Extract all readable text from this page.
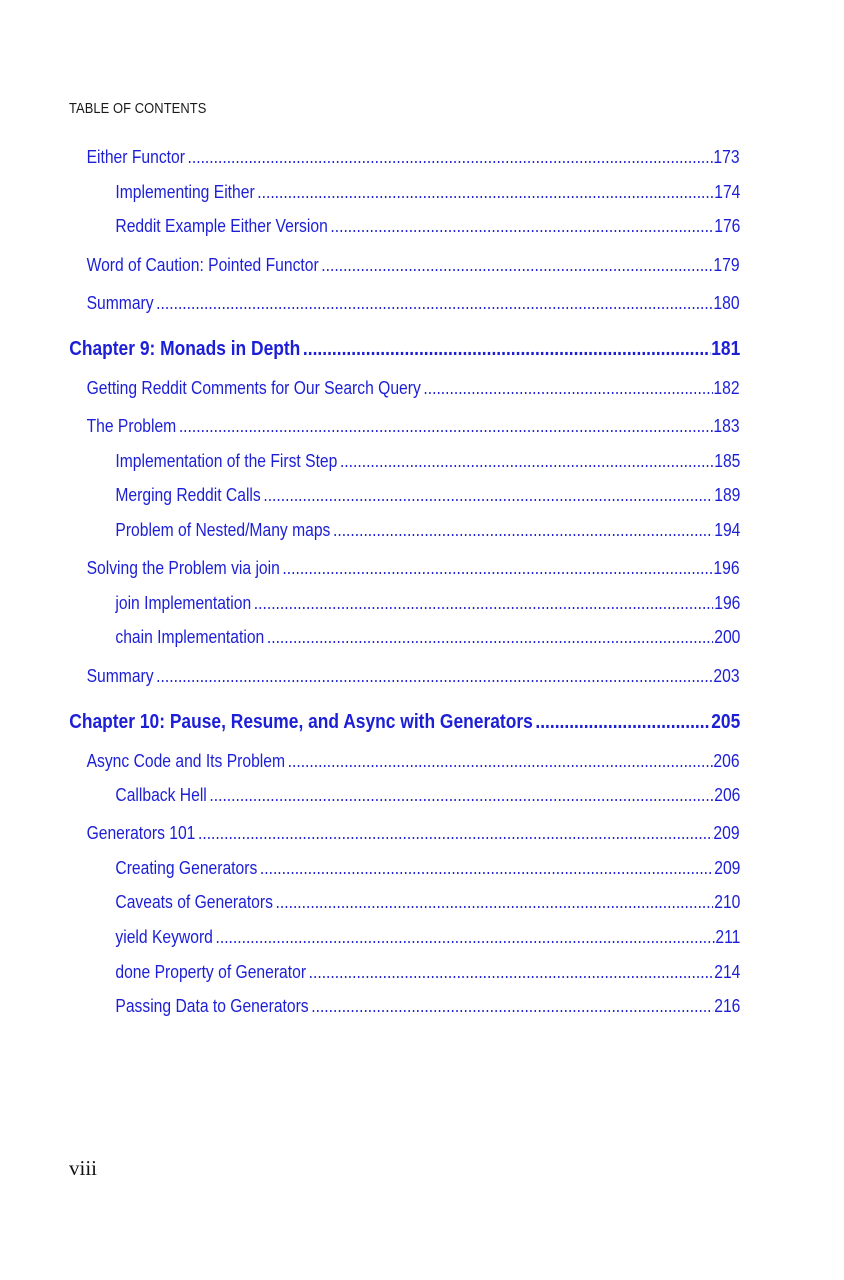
TABLE OF CONTENTS
Either Functor .....	173
Implementing Either .....	174
Reddit Example Either Version .....	176
Word of Caution: Pointed Functor .....	179
Summary .....	180
Chapter 9: Monads in Depth .....	181
Getting Reddit Comments for Our Search Query .....	182
The Problem .....	183
Implementation of the First Step .....	185
Merging Reddit Calls .....	189
Problem of Nested/Many maps .....	194
Solving the Problem via join .....	196
join Implementation .....	196
chain Implementation .....	200
Summary .....	203
Chapter 10: Pause, Resume, and Async with Generators .....	205
Async Code and Its Problem .....	206
Callback Hell .....	206
Generators 101 .....	209
Creating Generators .....	209
Caveats of Generators .....	210
yield Keyword .....	211
done Property of Generator .....	214
Passing Data to Generators .....	216
viii
